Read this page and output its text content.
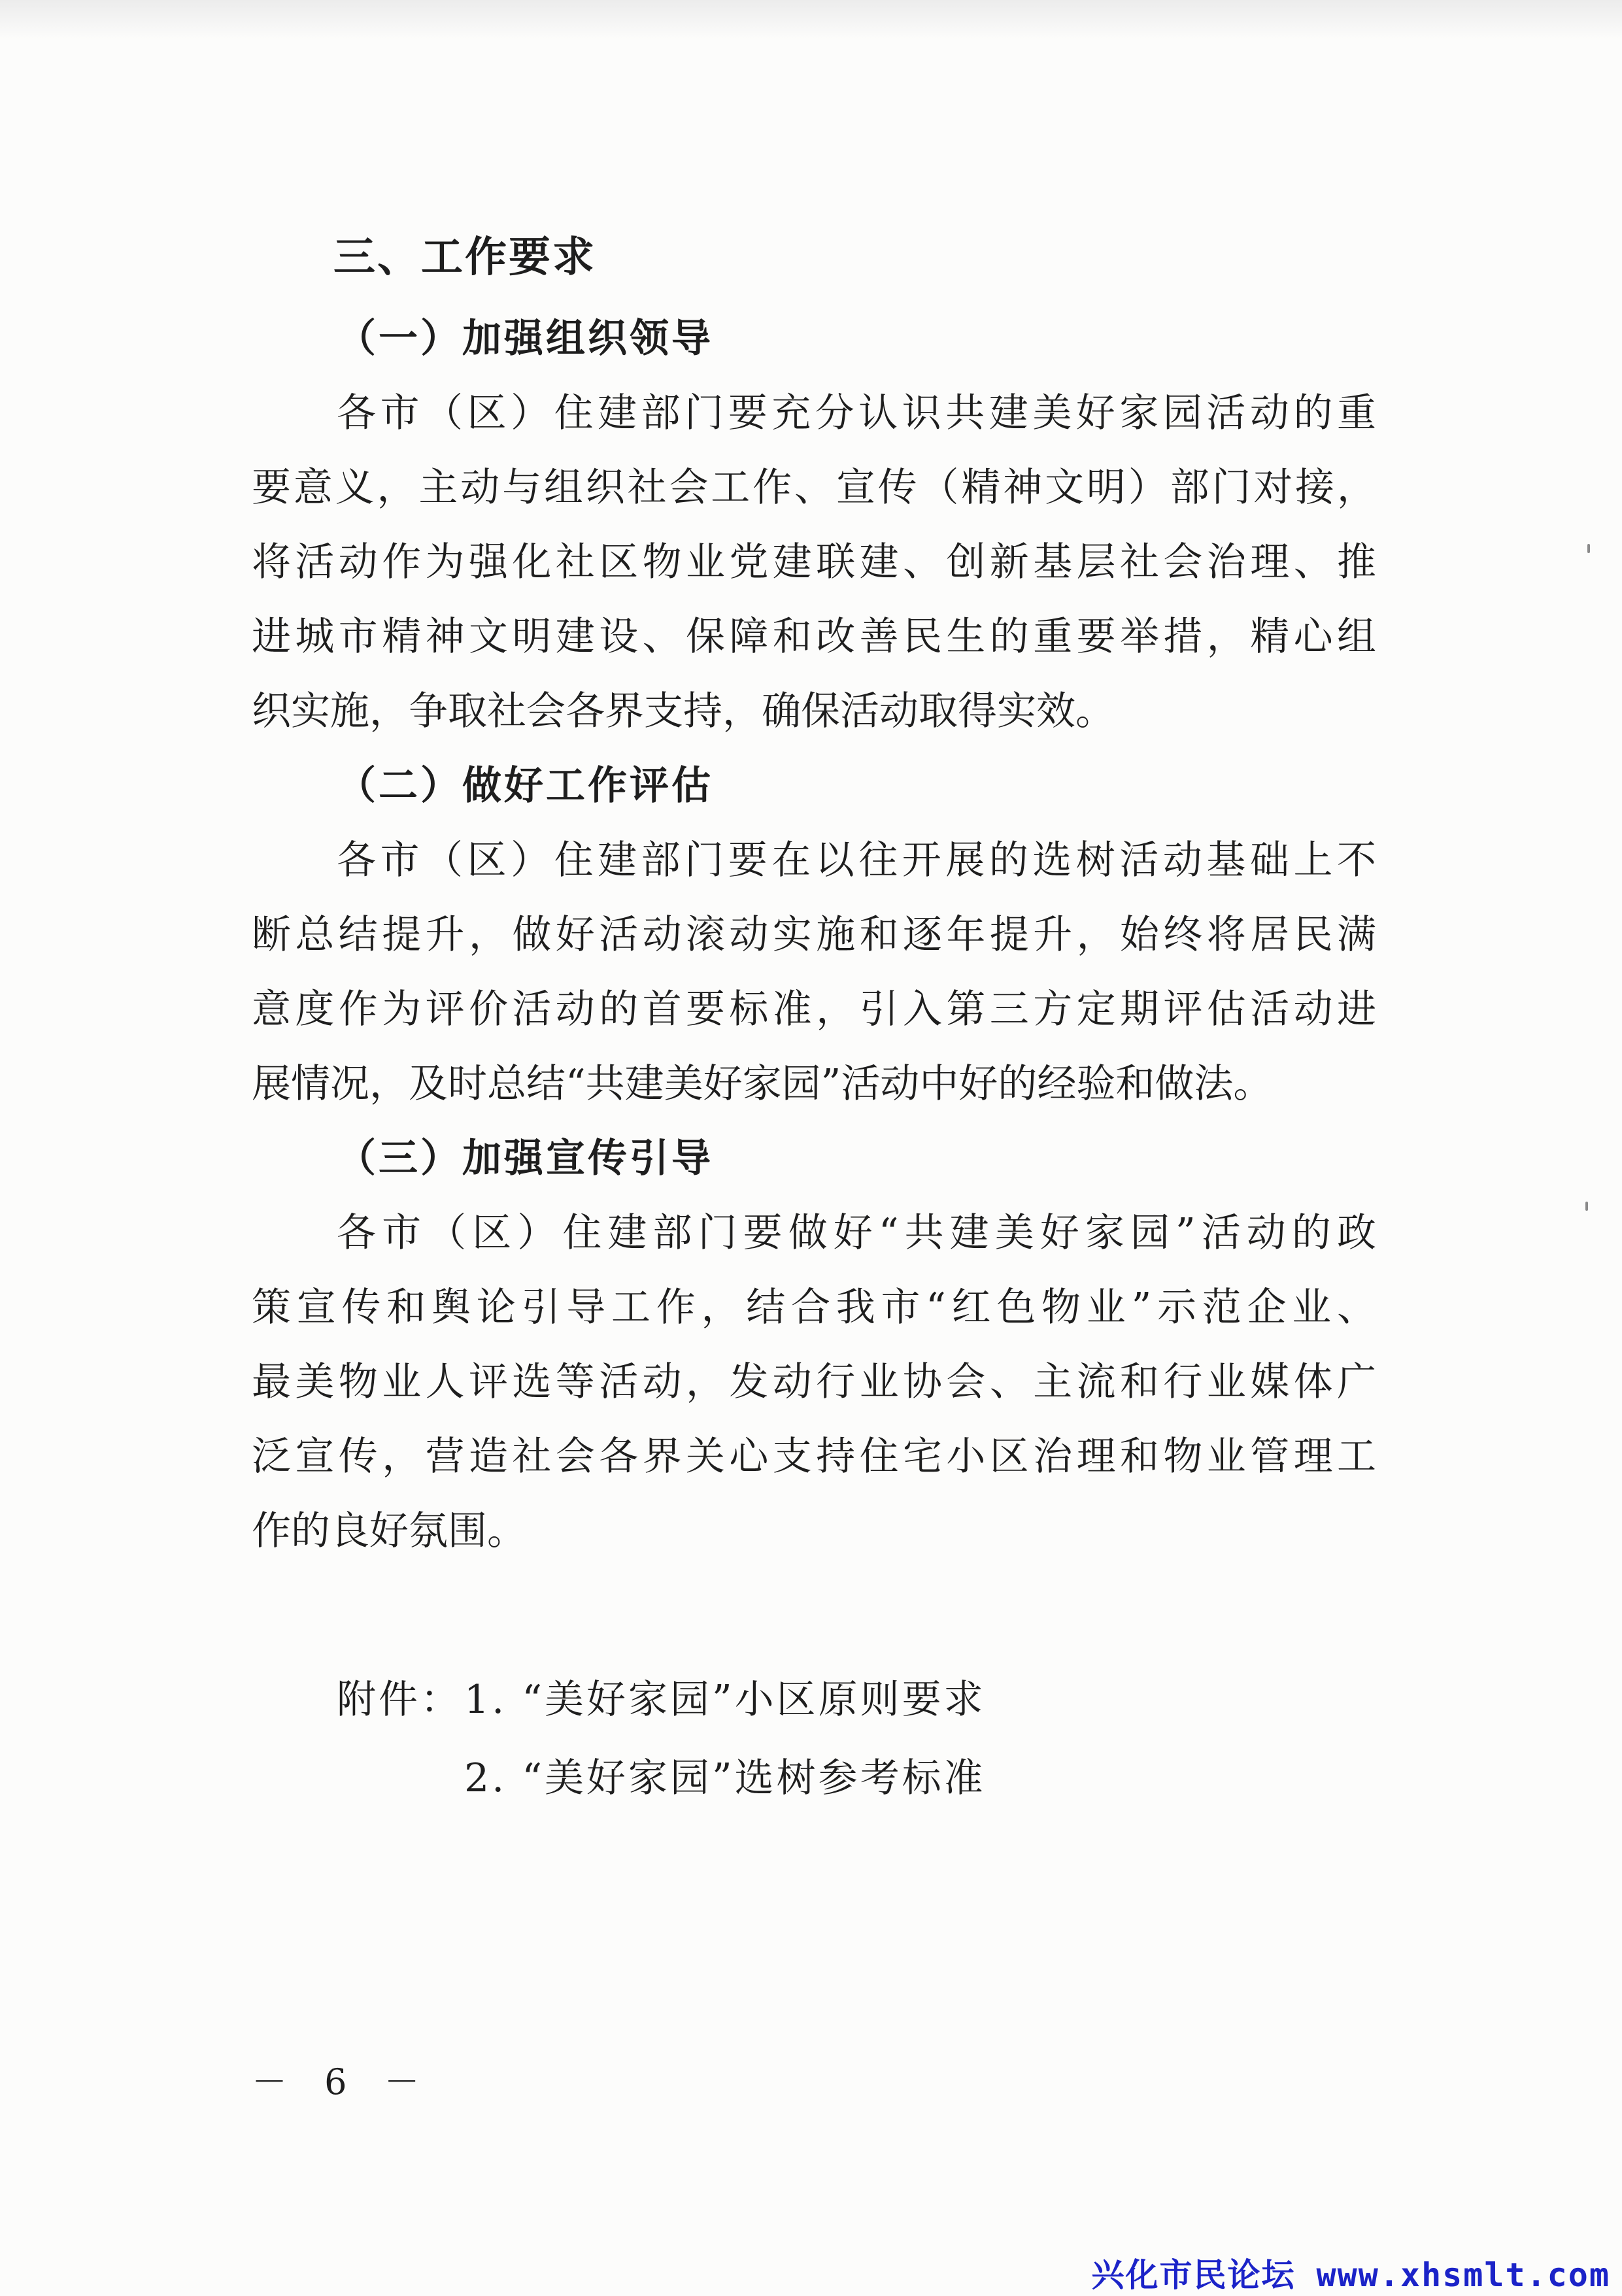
三、工作要求
（一）加强组织领导
各市（区）住建部门要充分认识共建美好家园活动的重
要意义，主动与组织社会工作、宣传（精神文明）部门对接，
将活动作为强化社区物业党建联建、创新基层社会治理、推
进城市精神文明建设、保障和改善民生的重要举措，精心组
织实施，争取社会各界支持，确保活动取得实效。
（二）做好工作评估
各市（区）住建部门要在以往开展的选树活动基础上不
断总结提升，做好活动滚动实施和逐年提升，始终将居民满
意度作为评价活动的首要标准，引入第三方定期评估活动进
展情况，及时总结“共建美好家园”活动中好的经验和做法。
（三）加强宣传引导
各市（区）住建部门要做好“共建美好家园”活动的政
策宣传和舆论引导工作，结合我市“红色物业”示范企业、
最美物业人评选等活动，发动行业协会、主流和行业媒体广
泛宣传，营造社会各界关心支持住宅小区治理和物业管理工
作的良好氛围。
附件： 1. “美好家园”小区原则要求
2. “美好家园”选树参考标准
－ 6 －
兴化市民论坛 www.xhsmlt.com
